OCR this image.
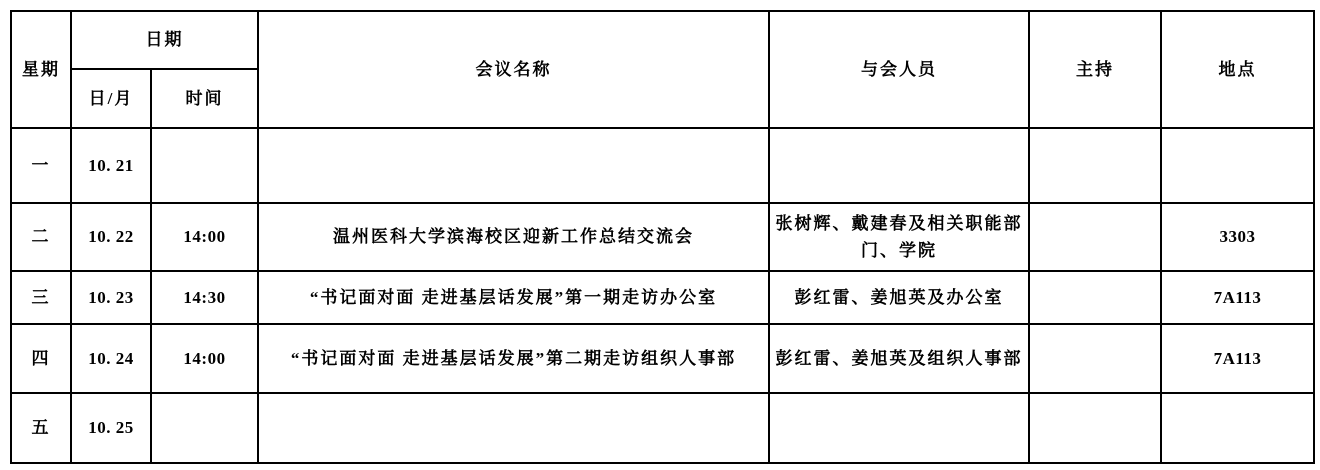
星期	日期		会议名称	与会人员	主持	地点
	日/月	时间				
一	10. 21					
二	10. 22	14:00	温州医科大学滨海校区迎新工作总结交流会	张树辉、戴建春及相关职能部门、学院		3303
三	10. 23	14:30	“书记面对面 走进基层话发展”第一期走访办公室	彭红雷、姜旭英及办公室		7A113
四	10. 24	14:00	“书记面对面 走进基层话发展”第二期走访组织人事部	彭红雷、姜旭英及组织人事部		7A113
五	10. 25					
